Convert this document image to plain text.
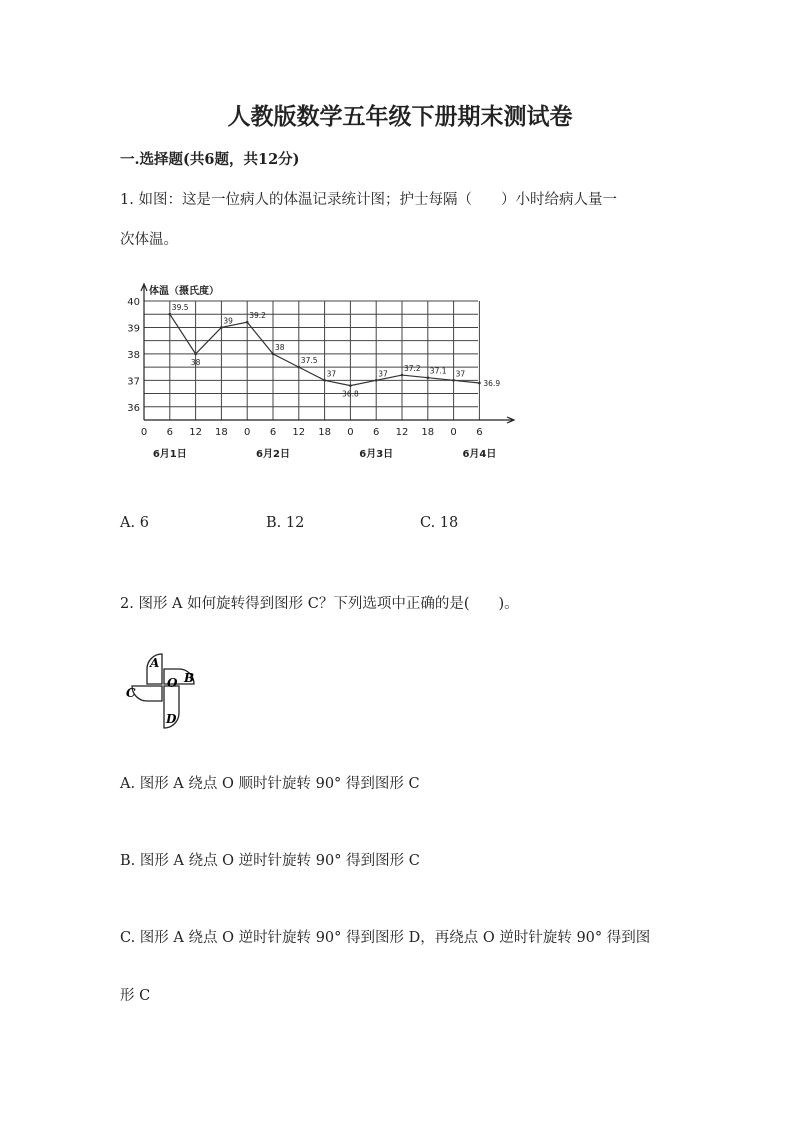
人教版数学五年级下册期末测试卷
一.选择题(共6题，共12分)
1. 如图：这是一位病人的体温记录统计图；护士每隔（　　）小时给病人量一
次体温。
体温（摄氏度）
40
39
38
37
36
0 6 12 18 0 6 12 18 0 6 12 18 0 6
6月1日	6月2日	6月3日	6月4日
39.5
38
39
39.2
38
37.5
37
36.8
37
37.2 37.1 37
36.9
A. 6	B. 12	C. 18
2. 图形 A 如何旋转得到图形 C？下列选项中正确的是(　　)。
A
B
C
D
O
A. 图形 A 绕点 O 顺时针旋转 90° 得到图形 C
B. 图形 A 绕点 O 逆时针旋转 90° 得到图形 C
C. 图形 A 绕点 O 逆时针旋转 90° 得到图形 D，再绕点 O 逆时针旋转 90° 得到图
形 C
